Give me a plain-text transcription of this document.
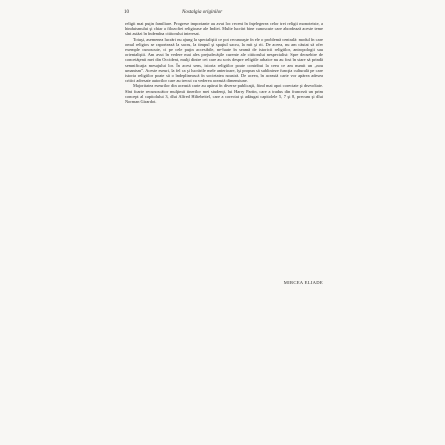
10	Nostalgia originilor

religii mai puţin familiare. Progrese importante au avut loc recent în înţelegerea celor trei religii monoteiste, a hinduismului şi chiar a filozofiei religioase ale Indiei. Multe lucrări bine cunoscute care abordează aceste teme sînt astăzi în îndemîna cititorului interesat.

Totuşi, asemenea lucrări nu ajung la specialiştii ce pot recunoaşte în ele o problemă centrală: modul în care omul religios se raportează la sacru, la timpul şi spaţiul sacru, la mit şi rit. De aceea, nu am căutat să ofer exemple cunoscute, ci pe cele puţin accesibile, ne-luate în seamă de istoricii religiilor, antropologii sau orientaliştii. Am avut în vedere mai ales prejudecăţile curente ale cititorului nespecialist: Spre deosebire de concetăţenii mei din Occident, mulţi dintre cei care au scris despre religiile arhaice nu au fost în stare să prindă semnificaţia mesajului lor. În acest sens, istoria religiilor poate contribui la ceea ce am numit un „nou umanism”. Aceste eseuri, la fel ca şi lucrările mele anterioare, îşi propun să sublinieze funcţia culturală pe care istoria religiilor poate să o îndeplinească în societatea noastră. De aceea, în această carte vor apărea adesea critici adresate autorilor care au trecut cu vederea această dimensiune.

Majoritatea eseurilor din această carte au apărut în diverse publicaţii, fiind mai apoi corectate şi dezvoltate. Sînt foarte recunoscător mulţimii tinerilor mei studenţi, lui Harry Partin, care a tradus din franceză un prim concept al capitolului 3, dlui Alfred Hiltebeitel, care a corectat şi adăugat capitolele 5, 7 şi 8, precum şi dlui Norman Girardot.

MIRCEA ELIADE
